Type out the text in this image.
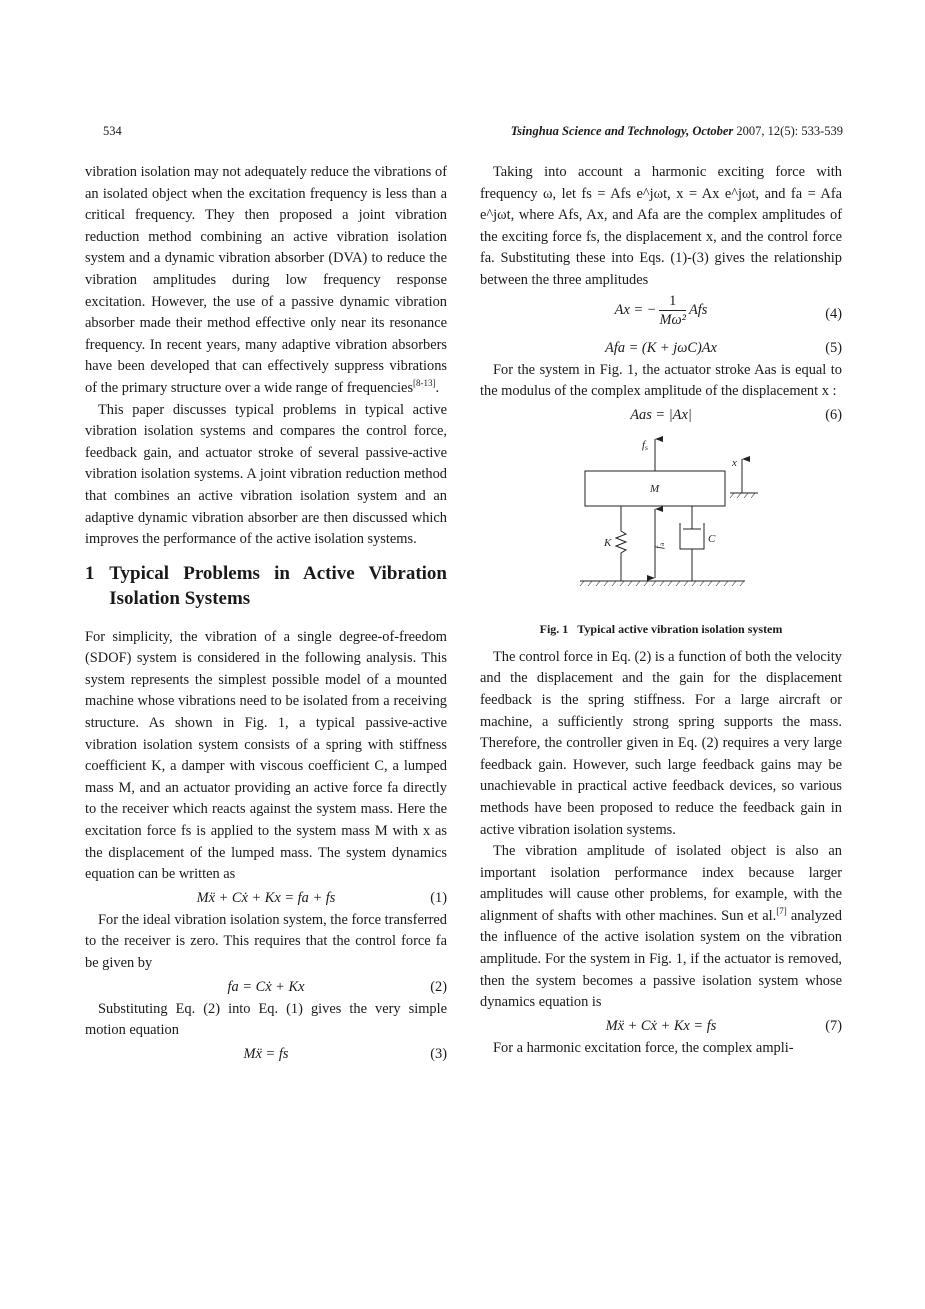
534	Tsinghua Science and Technology, October 2007, 12(5): 533-539

vibration isolation may not adequately reduce the vibrations of an isolated object when the excitation frequency is less than a critical frequency. They then proposed a joint vibration reduction method combining an active vibration isolation system and a dynamic vibration absorber (DVA) to reduce the vibration amplitudes during low frequency response excitation. However, the use of a passive dynamic vibration absorber made their method effective only near its resonance frequency. In recent years, many adaptive vibration absorbers have been developed that can effectively suppress vibrations of the primary structure over a wide range of frequencies[8-13].

This paper discusses typical problems in typical active vibration isolation systems and compares the control force, feedback gain, and actuator stroke of several passive-active vibration isolation systems. A joint vibration reduction method that combines an active vibration isolation system and an adaptive dynamic vibration absorber are then discussed which improves the performance of the active isolation systems.

1 Typical Problems in Active Vibration Isolation Systems

For simplicity, the vibration of a single degree-of-freedom (SDOF) system is considered in the following analysis. This system represents the simplest possible model of a mounted machine whose vibrations need to be isolated from a receiving structure. As shown in Fig. 1, a typical passive-active vibration isolation system consists of a spring with stiffness coefficient K, a damper with viscous coefficient C, a lumped mass M, and an actuator providing an active force fa directly to the receiver which reacts against the system mass. Here the excitation force fs is applied to the system mass M with x as the displacement of the lumped mass. The system dynamics equation can be written as

Mẍ + Cẋ + Kx = fa + fs	(1)

For the ideal vibration isolation system, the force transferred to the receiver is zero. This requires that the control force fa be given by

fa = Cẋ + Kx	(2)

Substituting Eq. (2) into Eq. (1) gives the very simple motion equation

Mẍ = fs	(3)

Taking into account a harmonic exciting force with frequency ω, let fs = Afs e^jωt, x = Ax e^jωt, and fa = Afa e^jωt, where Afs, Ax, and Afa are the complex amplitudes of the exciting force fs, the displacement x, and the control force fa. Substituting these into Eqs. (1)-(3) gives the relationship between the three amplitudes

Ax = − $\frac{1}{\text{Mω²}}$ Afs	(4)
Afa = (K + jωC)Ax	(5)

For the system in Fig. 1, the actuator stroke Aas is equal to the modulus of the complex amplitude of the displacement x :

Aas = |Ax|	(6)
fs
x
M
K	fa	C
Fig. 1 Typical active vibration isolation system

The control force in Eq. (2) is a function of both the velocity and the displacement and the gain for the displacement feedback is the spring stiffness. For a large aircraft or machine, a sufficiently strong spring supports the mass. Therefore, the controller given in Eq. (2) requires a very large feedback gain. However, such large feedback gains may be unachievable in practical active feedback devices, so various methods have been proposed to reduce the feedback gain in active vibration isolation systems.

The vibration amplitude of isolated object is also an important isolation performance index because larger amplitudes will cause other problems, for example, with the alignment of shafts with other machines. Sun et al.[7] analyzed the influence of the active isolation system on the vibration amplitude. For the system in Fig. 1, if the actuator is removed, then the system becomes a passive isolation system whose dynamics equation is

Mẍ + Cẋ + Kx = fs	(7)

For a harmonic excitation force, the complex ampli-
